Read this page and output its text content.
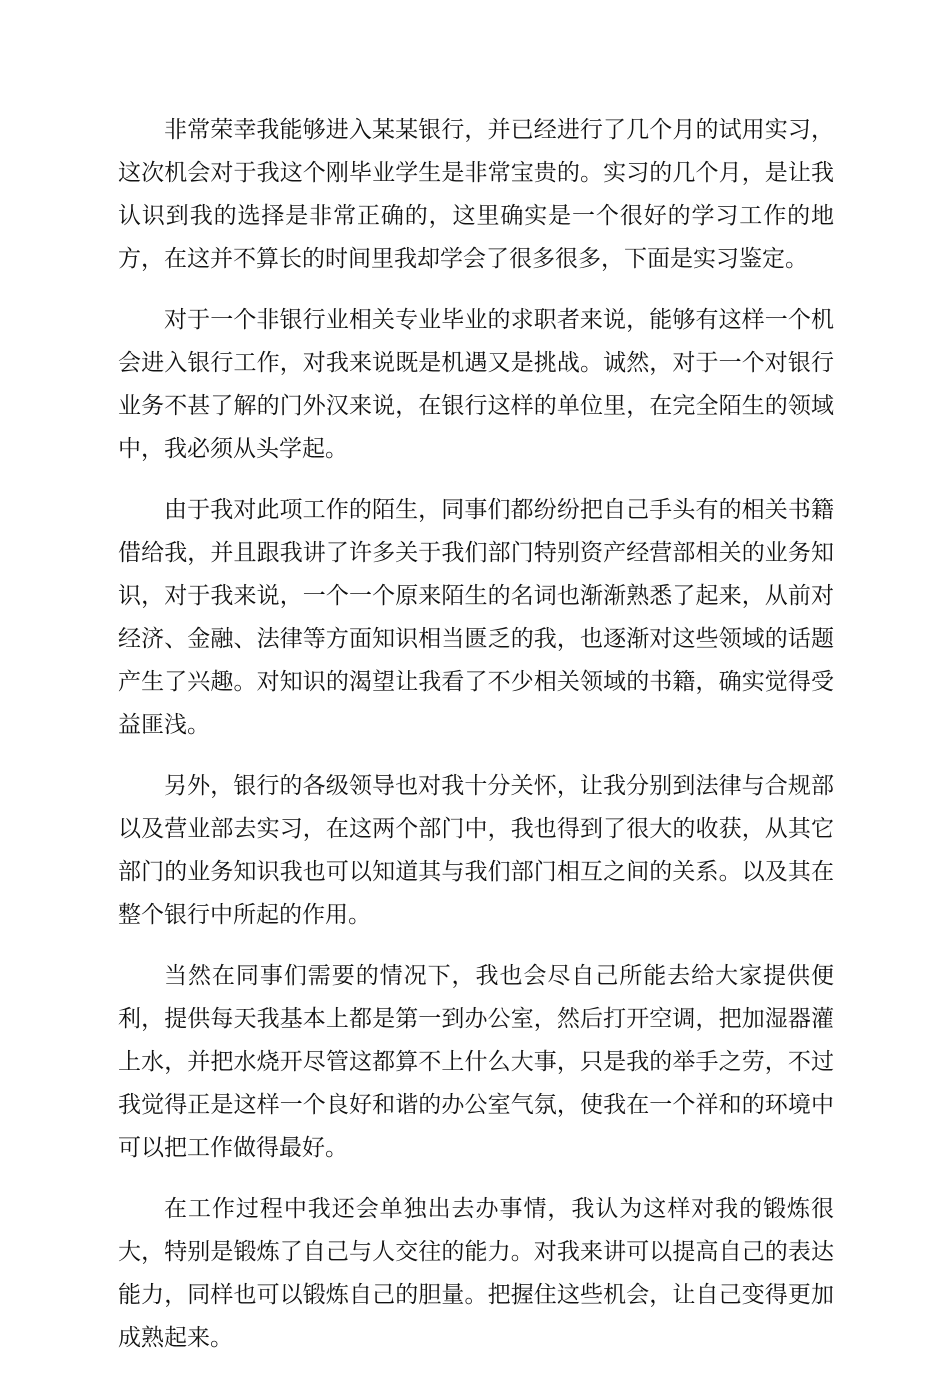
非常荣幸我能够进入某某银行，并已经进行了几个月的试用实习，这次机会对于我这个刚毕业学生是非常宝贵的。实习的几个月，是让我认识到我的选择是非常正确的，这里确实是一个很好的学习工作的地方，在这并不算长的时间里我却学会了很多很多，下面是实习鉴定。

对于一个非银行业相关专业毕业的求职者来说，能够有这样一个机会进入银行工作，对我来说既是机遇又是挑战。诚然，对于一个对银行业务不甚了解的门外汉来说，在银行这样的单位里，在完全陌生的领域中，我必须从头学起。

由于我对此项工作的陌生，同事们都纷纷把自己手头有的相关书籍借给我，并且跟我讲了许多关于我们部门特别资产经营部相关的业务知识，对于我来说，一个一个原来陌生的名词也渐渐熟悉了起来，从前对经济、金融、法律等方面知识相当匮乏的我，也逐渐对这些领域的话题产生了兴趣。对知识的渴望让我看了不少相关领域的书籍，确实觉得受益匪浅。

另外，银行的各级领导也对我十分关怀，让我分别到法律与合规部以及营业部去实习，在这两个部门中，我也得到了很大的收获，从其它部门的业务知识我也可以知道其与我们部门相互之间的关系。以及其在整个银行中所起的作用。

当然在同事们需要的情况下，我也会尽自己所能去给大家提供便利，提供每天我基本上都是第一到办公室，然后打开空调，把加湿器灌上水，并把水烧开尽管这都算不上什么大事，只是我的举手之劳，不过我觉得正是这样一个良好和谐的办公室气氛，使我在一个祥和的环境中可以把工作做得最好。

在工作过程中我还会单独出去办事情，我认为这样对我的锻炼很大，特别是锻炼了自己与人交往的能力。对我来讲可以提高自己的表达能力，同样也可以锻炼自己的胆量。把握住这些机会，让自己变得更加成熟起来。
